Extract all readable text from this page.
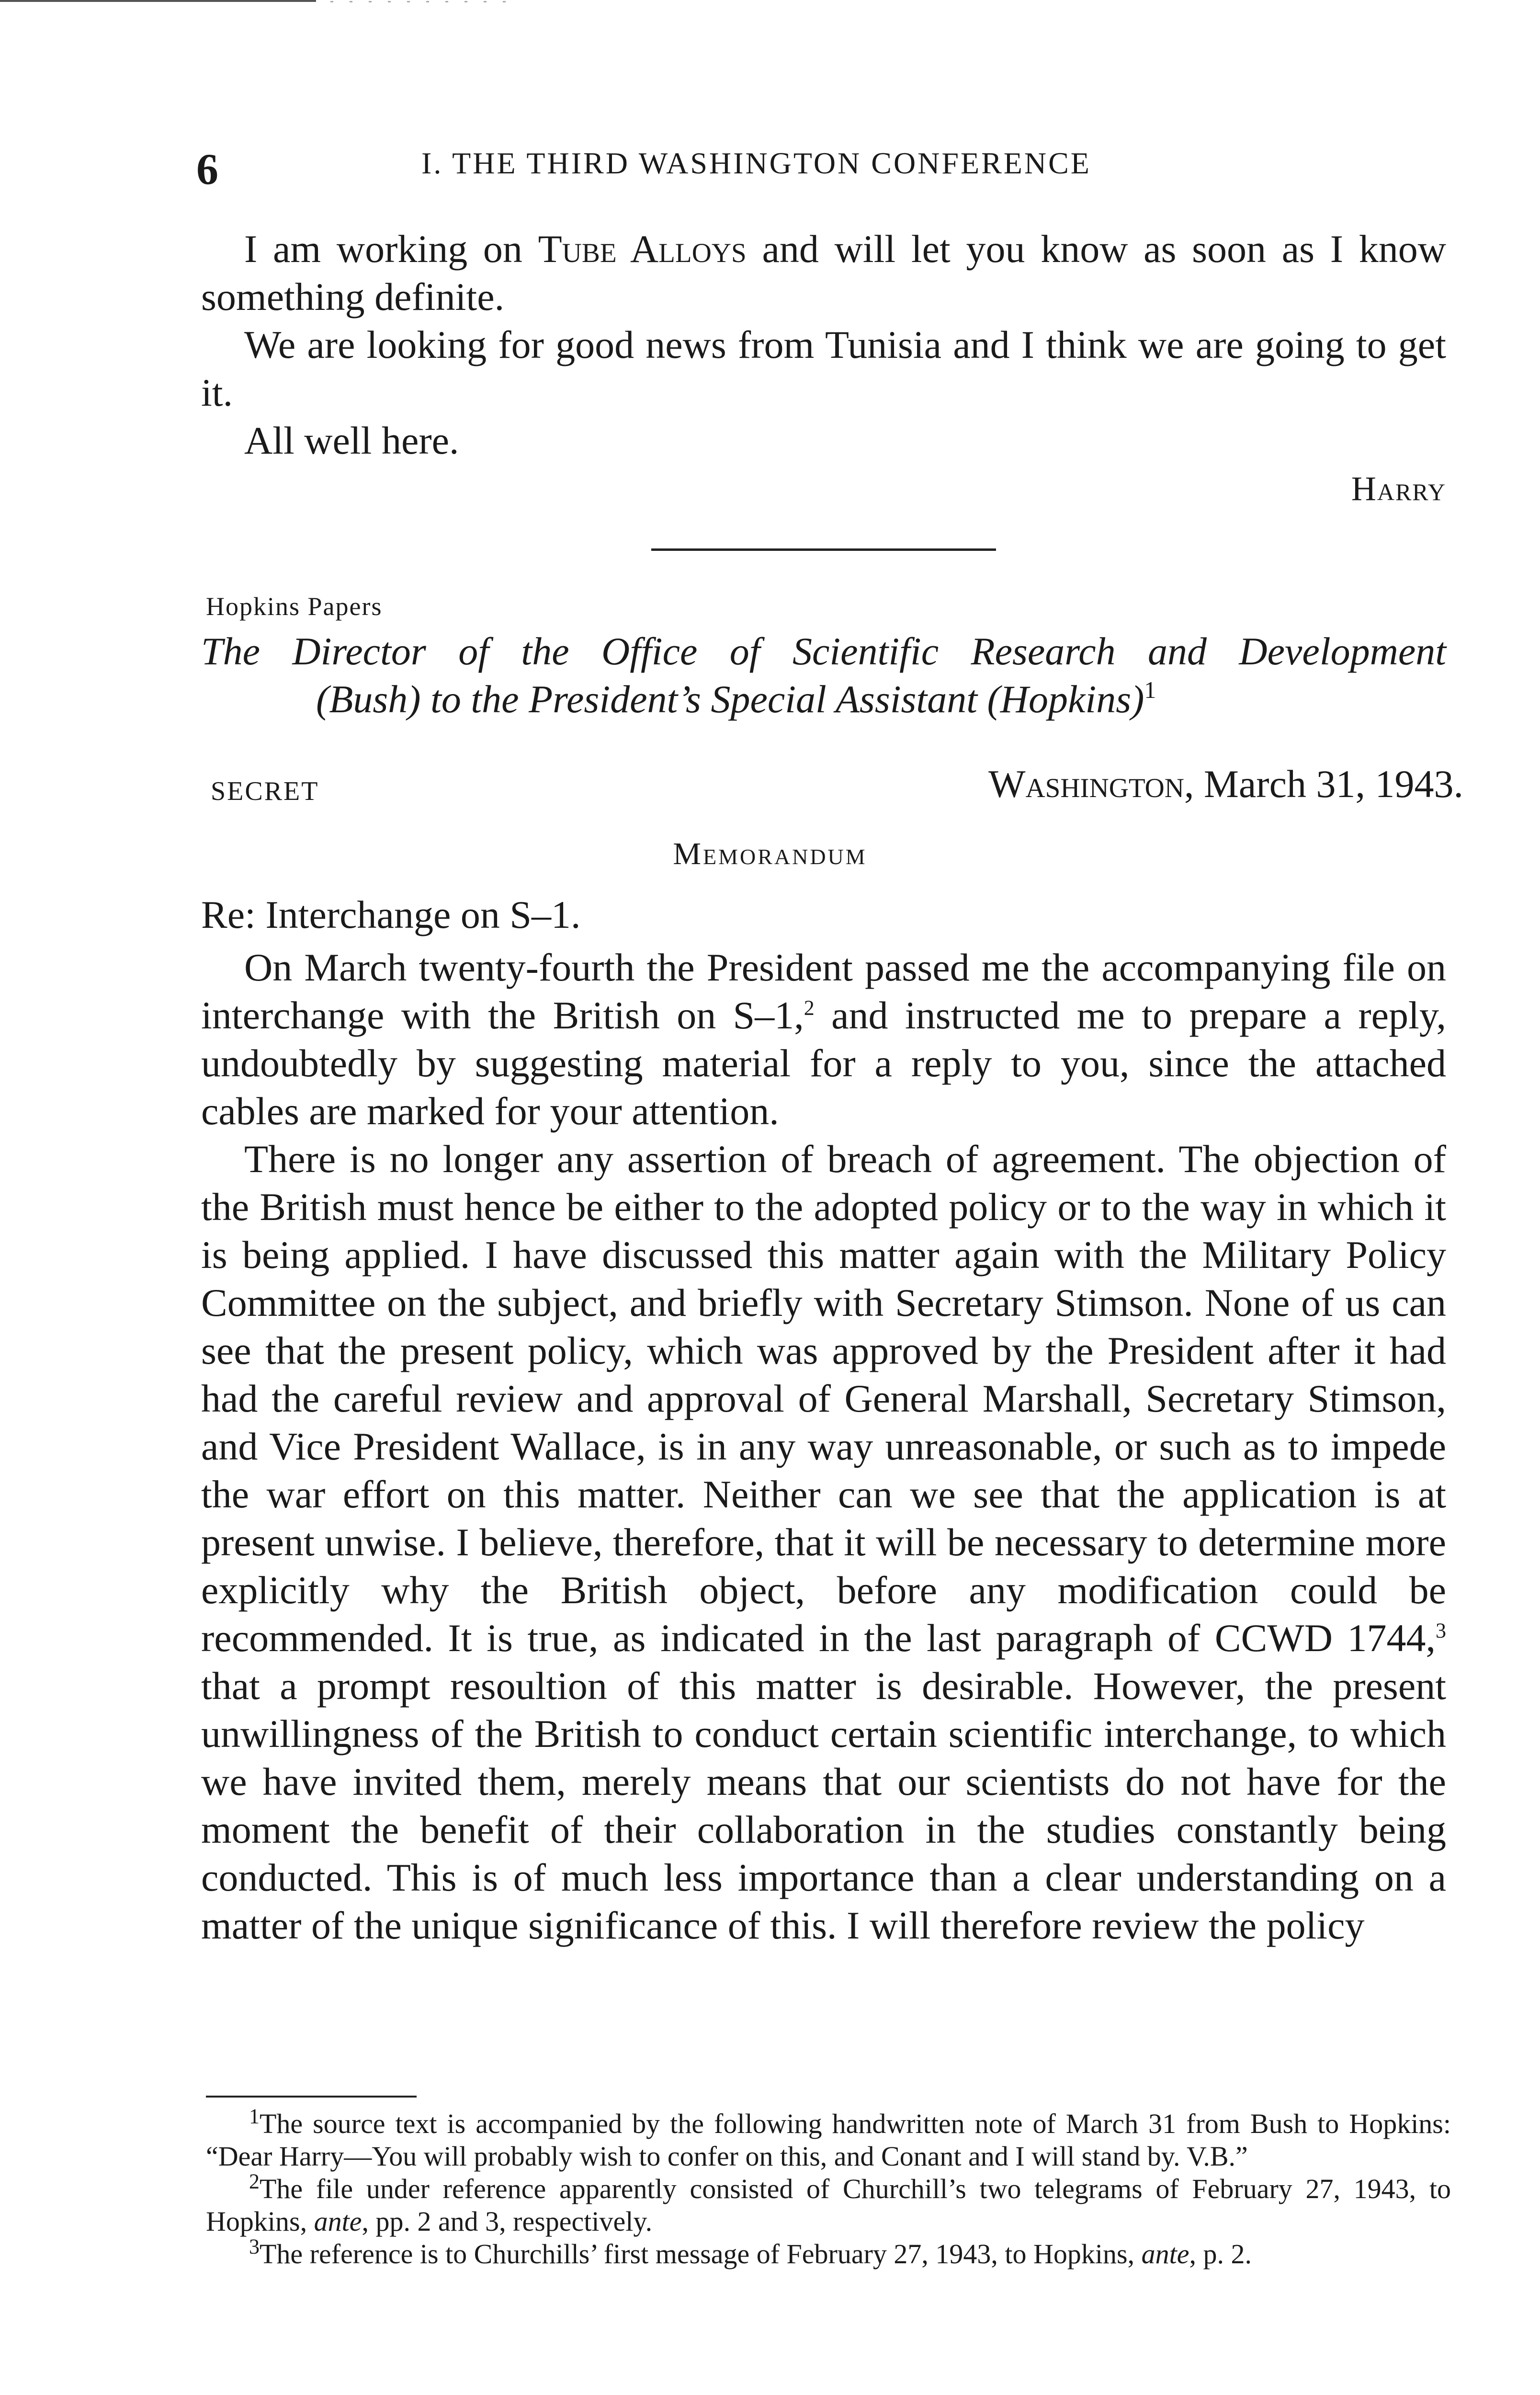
6	I. THE THIRD WASHINGTON CONFERENCE

I am working on Tube Alloys and will let you know as soon as I know something definite.

We are looking for good news from Tunisia and I think we are going to get it.

All well here.

Harry

Hopkins Papers
The Director of the Office of Scientific Research and Development
(Bush) to the President’s Special Assistant (Hopkins)$^1$
SECRET	Washington, March 31, 1943.
Memorandum

Re: Interchange on S–1.

On March twenty-fourth the President passed me the accompanying file on interchange with the British on S–1,$^2$ and instructed me to prepare a reply, undoubtedly by suggesting material for a reply to you, since the attached cables are marked for your attention.

There is no longer any assertion of breach of agreement. The objection of the British must hence be either to the adopted policy or to the way in which it is being applied. I have discussed this matter again with the Military Policy Committee on the subject, and briefly with Secretary Stimson. None of us can see that the present policy, which was approved by the President after it had had the careful review and approval of General Marshall, Secretary Stimson, and Vice President Wallace, is in any way unreasonable, or such as to impede the war effort on this matter. Neither can we see that the application is at present unwise. I believe, therefore, that it will be necessary to determine more explicitly why the British object, before any modification could be recommended. It is true, as indicated in the last paragraph of CCWD 1744,$^3$ that a prompt resoultion of this matter is desirable. However, the present unwillingness of the British to conduct certain scientific interchange, to which we have invited them, merely means that our scientists do not have for the moment the benefit of their collaboration in the studies constantly being conducted. This is of much less importance than a clear understanding on a matter of the unique significance of this. I will therefore review the policy

$^1$The source text is accompanied by the following handwritten note of March 31 from Bush to Hopkins: “Dear Harry—You will probably wish to confer on this, and Conant and I will stand by. V.B.”

$^2$The file under reference apparently consisted of Churchill’s two telegrams of February 27, 1943, to Hopkins, ante, pp. 2 and 3, respectively.

$^3$The reference is to Churchills’ first message of February 27, 1943, to Hopkins, ante, p. 2.
